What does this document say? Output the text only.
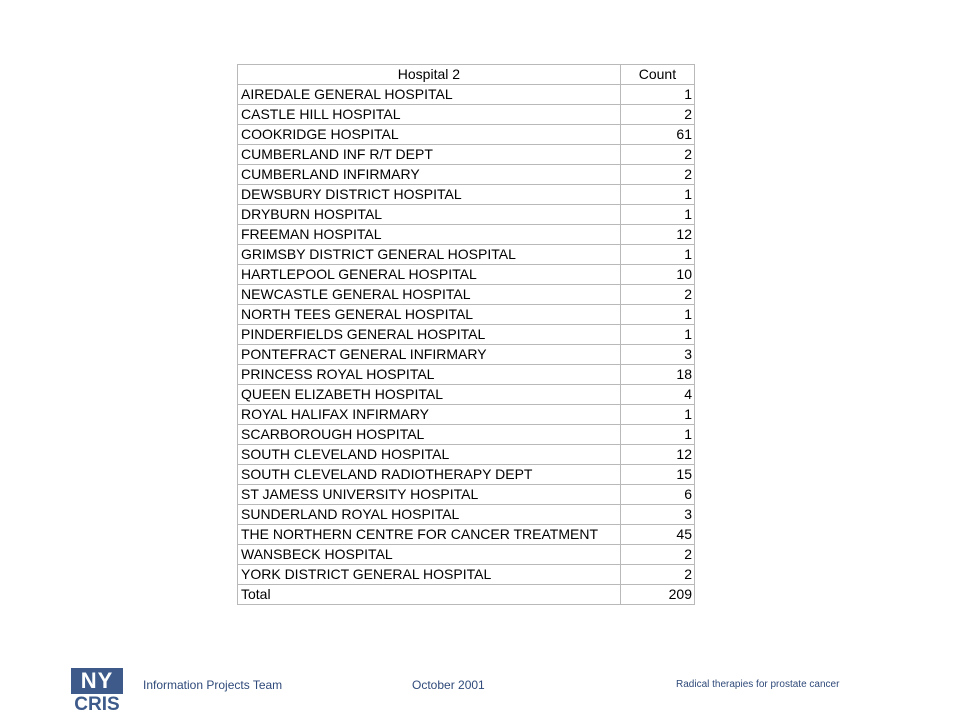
Hospital 2	Count
AIREDALE GENERAL HOSPITAL	1
CASTLE HILL HOSPITAL	2
COOKRIDGE HOSPITAL	61
CUMBERLAND INF R/T DEPT	2
CUMBERLAND INFIRMARY	2
DEWSBURY DISTRICT HOSPITAL	1
DRYBURN HOSPITAL	1
FREEMAN HOSPITAL	12
GRIMSBY DISTRICT GENERAL HOSPITAL	1
HARTLEPOOL GENERAL HOSPITAL	10
NEWCASTLE GENERAL HOSPITAL	2
NORTH TEES GENERAL HOSPITAL	1
PINDERFIELDS GENERAL HOSPITAL	1
PONTEFRACT GENERAL INFIRMARY	3
PRINCESS ROYAL HOSPITAL	18
QUEEN ELIZABETH HOSPITAL	4
ROYAL HALIFAX INFIRMARY	1
SCARBOROUGH HOSPITAL	1
SOUTH CLEVELAND HOSPITAL	12
SOUTH CLEVELAND RADIOTHERAPY DEPT	15
ST JAMESS UNIVERSITY HOSPITAL	6
SUNDERLAND ROYAL HOSPITAL	3
THE NORTHERN CENTRE FOR CANCER TREATMENT	45
WANSBECK HOSPITAL	2
YORK DISTRICT GENERAL HOSPITAL	2
Total	209
NY
CRIS
Information Projects Team	October 2001	Radical therapies for prostate cancer
